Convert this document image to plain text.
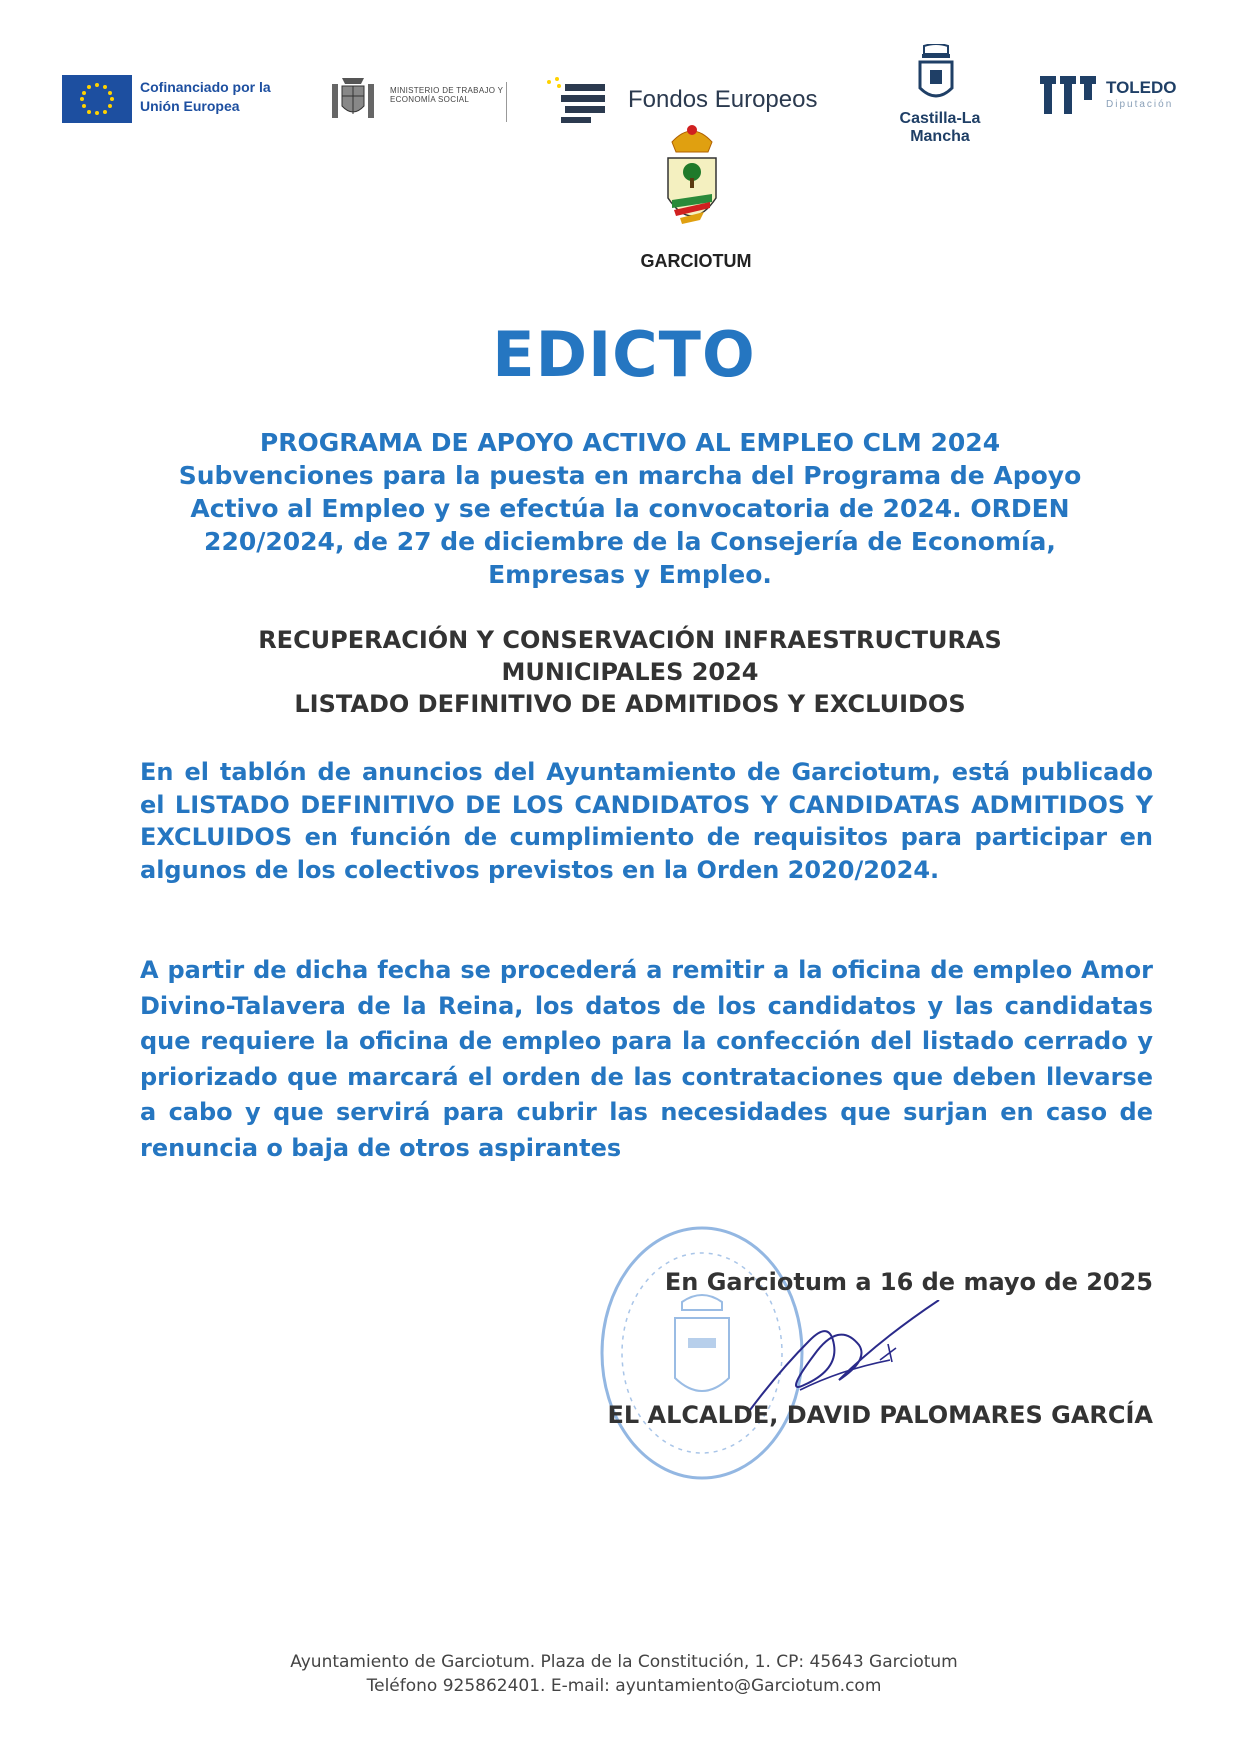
Cofinanciado por la Unión Europea
MINISTERIO DE TRABAJO Y ECONOMÍA SOCIAL	Fondos Europeos
Castilla-La Mancha
TOLEDO
Diputación
GARCIOTUM
EDICTO
PROGRAMA DE APOYO ACTIVO AL EMPLEO CLM 2024
Subvenciones para la puesta en marcha del Programa de Apoyo
Activo al Empleo y se efectúa la convocatoria de 2024. ORDEN
220/2024, de 27 de diciembre de la Consejería de Economía,
Empresas y Empleo.
RECUPERACIÓN Y CONSERVACIÓN INFRAESTRUCTURAS
MUNICIPALES 2024
LISTADO DEFINITIVO DE ADMITIDOS Y EXCLUIDOS

En el tablón de anuncios del Ayuntamiento de Garciotum, está publicado el LISTADO DEFINITIVO DE LOS CANDIDATOS Y CANDIDATAS ADMITIDOS Y EXCLUIDOS en función de cumplimiento de requisitos para participar en algunos de los colectivos previstos en la Orden 2020/2024.

A partir de dicha fecha se procederá a remitir a la oficina de empleo Amor Divino-Talavera de la Reina, los datos de los candidatos y las candidatas que requiere la oficina de empleo para la confección del listado cerrado y priorizado que marcará el orden de las contrataciones que deben llevarse a cabo y que servirá para cubrir las necesidades que surjan en caso de renuncia o baja de otros aspirantes

En Garciotum a 16 de mayo de 2025
EL ALCALDE, DAVID PALOMARES GARCÍA
Ayuntamiento de Garciotum. Plaza de la Constitución, 1. CP: 45643 Garciotum
Teléfono 925862401. E-mail: ayuntamiento@Garciotum.com
